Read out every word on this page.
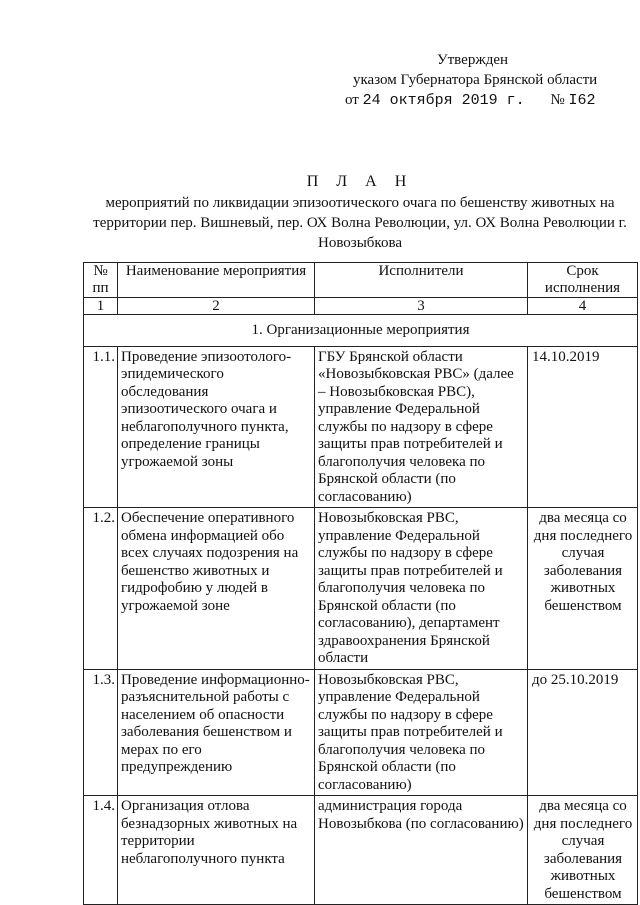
Утвержден
указом Губернатора Брянской области
от 24 октября 2019 г. № I62
П Л А Н
мероприятий по ликвидации эпизоотического очага по бешенству животных на территории пер. Вишневый, пер. ОХ Волна Революции, ул. ОХ Волна Революции г. Новозыбкова
№ пп	Наименование мероприятия	Исполнители	Срок исполнения
1	2	3	4
1. Организационные мероприятия			
1.1.	Проведение эпизоотолого-эпидемического обследования эпизоотического очага и неблагополучного пункта, определение границы угрожаемой зоны	ГБУ Брянской области «Новозыбковская РВС» (далее – Новозыбковская РВС), управление Федеральной службы по надзору в сфере защиты прав потребителей и благополучия человека по Брянской области (по согласованию)	14.10.2019
1.2.	Обеспечение оперативного обмена информацией обо всех случаях подозрения на бешенство животных и гидрофобию у людей в угрожаемой зоне	Новозыбковская РВС, управление Федеральной службы по надзору в сфере защиты прав потребителей и благополучия человека по Брянской области (по согласованию), департамент здравоохранения Брянской области	два месяца со дня последнего случая заболевания животных бешенством
1.3.	Проведение информационно-разъяснительной работы с населением об опасности заболевания бешенством и мерах по его предупреждению	Новозыбковская РВС, управление Федеральной службы по надзору в сфере защиты прав потребителей и благополучия человека по Брянской области (по согласованию)	до 25.10.2019
1.4.	Организация отлова безнадзорных животных на территории неблагополучного пункта	администрация города Новозыбкова (по согласованию)	два месяца со дня последнего случая заболевания животных бешенством
